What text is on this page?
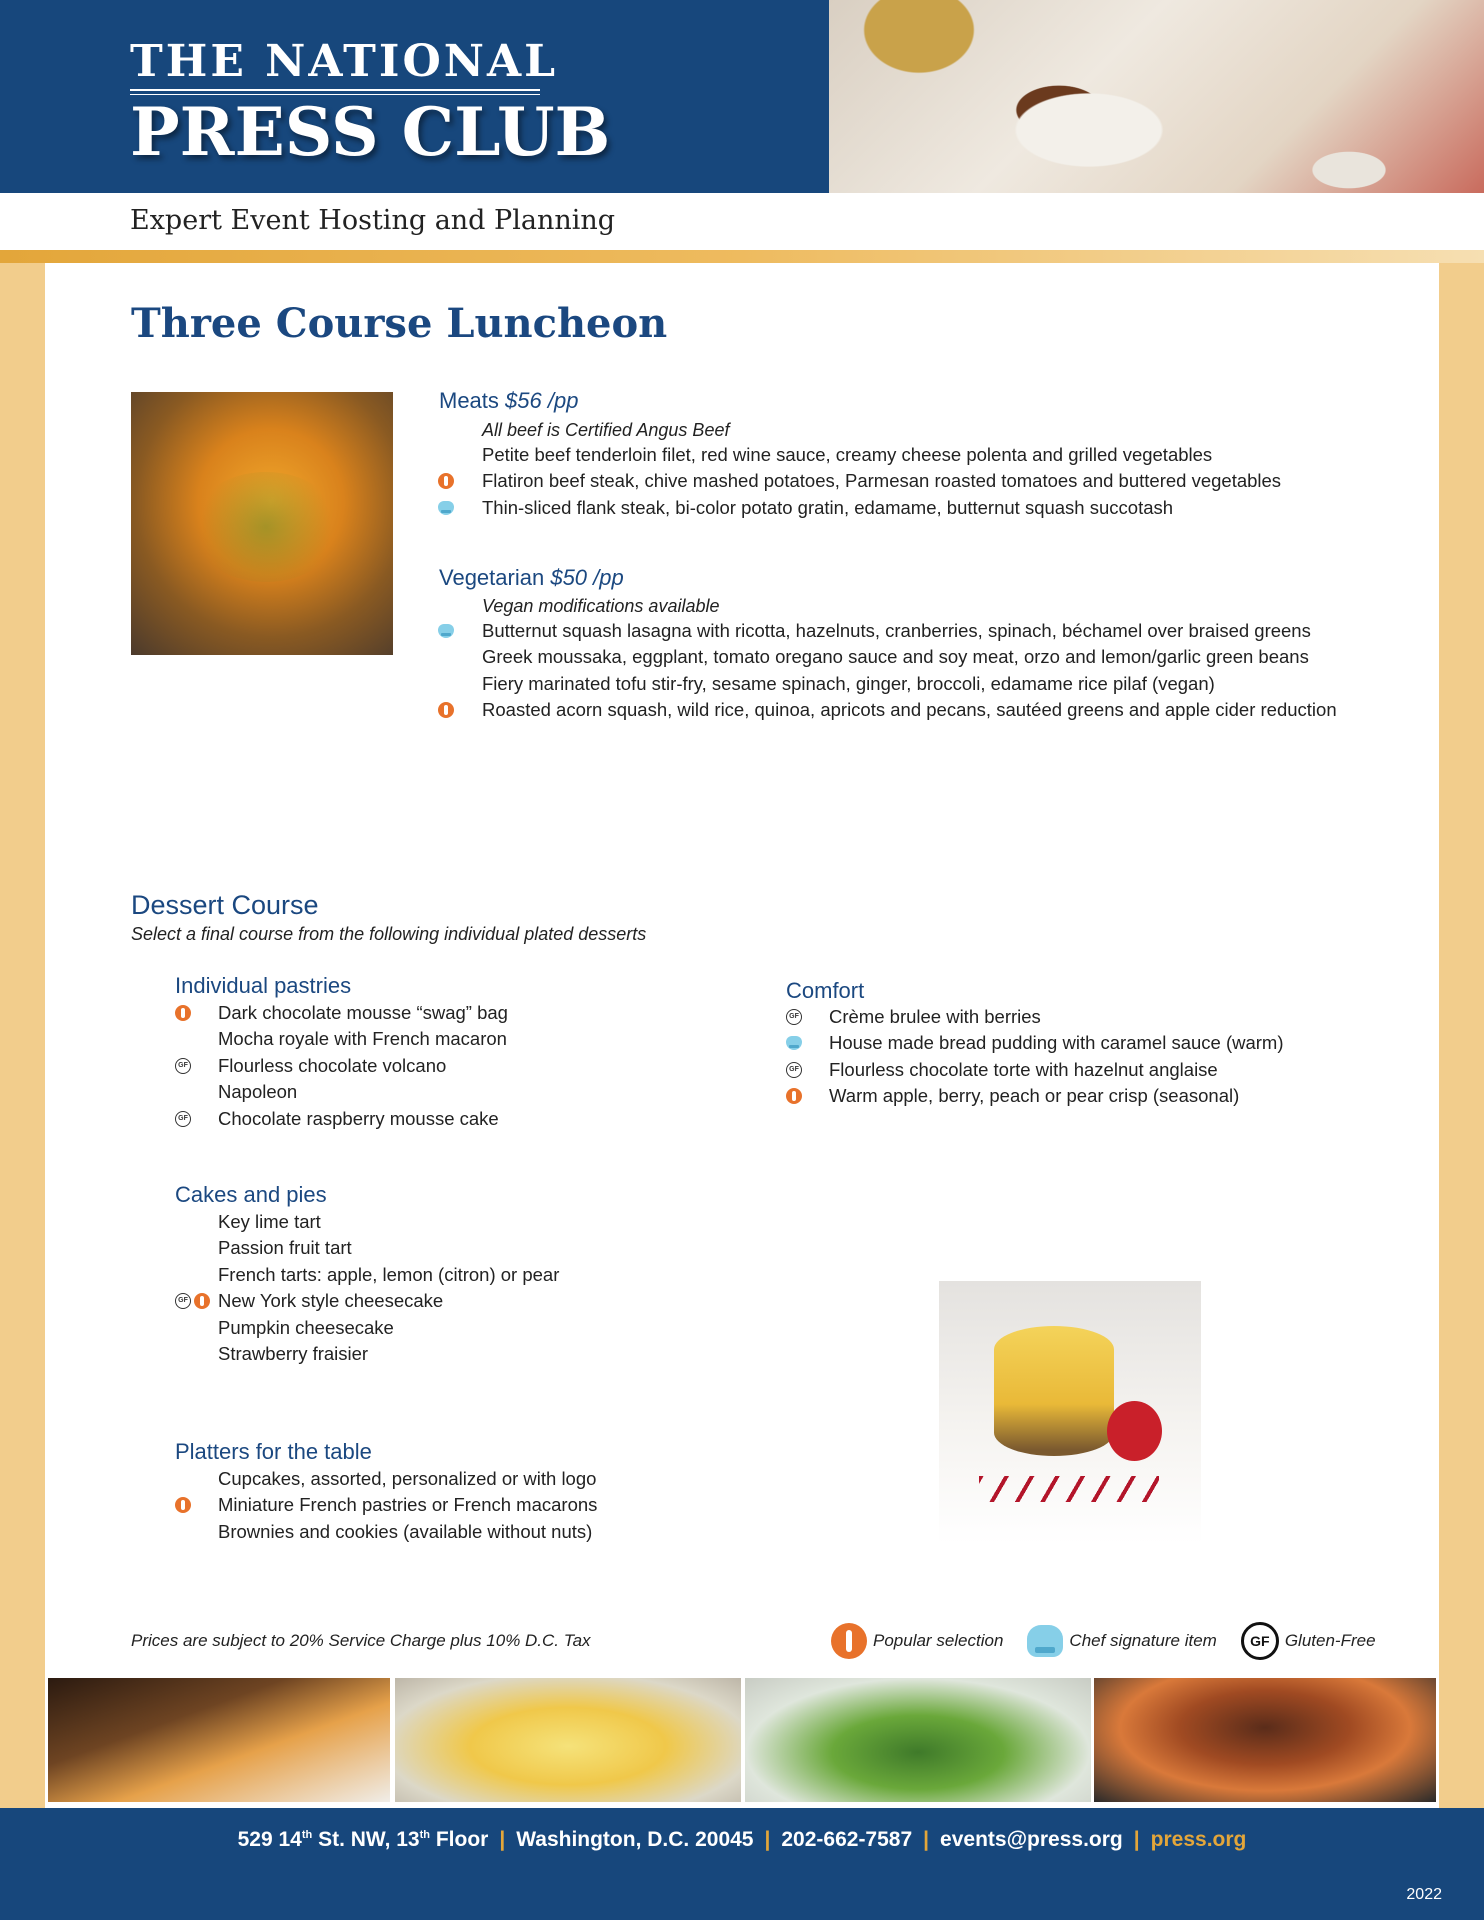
THE NATIONAL
PRESS CLUB
Expert Event Hosting and Planning
Three Course Luncheon
Meats $56 /pp
All beef is Certified Angus Beef
Petite beef tenderloin filet, red wine sauce, creamy cheese polenta and grilled vegetables
Flatiron beef steak, chive mashed potatoes, Parmesan roasted tomatoes and buttered vegetables
Thin-sliced flank steak, bi-color potato gratin, edamame, butternut squash succotash
Vegetarian $50 /pp
Vegan modifications available
Butternut squash lasagna with ricotta, hazelnuts, cranberries, spinach, béchamel over braised greens
Greek moussaka, eggplant, tomato oregano sauce and soy meat, orzo and lemon/garlic green beans
Fiery marinated tofu stir-fry, sesame spinach, ginger, broccoli, edamame rice pilaf (vegan)
Roasted acorn squash, wild rice, quinoa, apricots and pecans, sautéed greens and apple cider reduction
Dessert Course
Select a final course from the following individual plated desserts
Individual pastries
Dark chocolate mousse “swag” bag
Mocha royale with French macaron
GF
Flourless chocolate volcano
Napoleon
GF
Chocolate raspberry mousse cake
Comfort
GF
Crème brulee with berries
House made bread pudding with caramel sauce (warm)
GF
Flourless chocolate torte with hazelnut anglaise
Warm apple, berry, peach or pear crisp (seasonal)
Cakes and pies
Key lime tart
Passion fruit tart
French tarts: apple, lemon (citron) or pear
GF
New York style cheesecake
Pumpkin cheesecake
Strawberry fraisier
Platters for the table
Cupcakes, assorted, personalized or with logo
Miniature French pastries or French macarons
Brownies and cookies (available without nuts)
Prices are subject to 20% Service Charge plus 10% D.C. Tax	Popular selection	Chef signature item	GF Gluten-Free
529 14th St. NW, 13th Floor | Washington, D.C. 20045 | 202-662-7587 | events@press.org | press.org
2022
